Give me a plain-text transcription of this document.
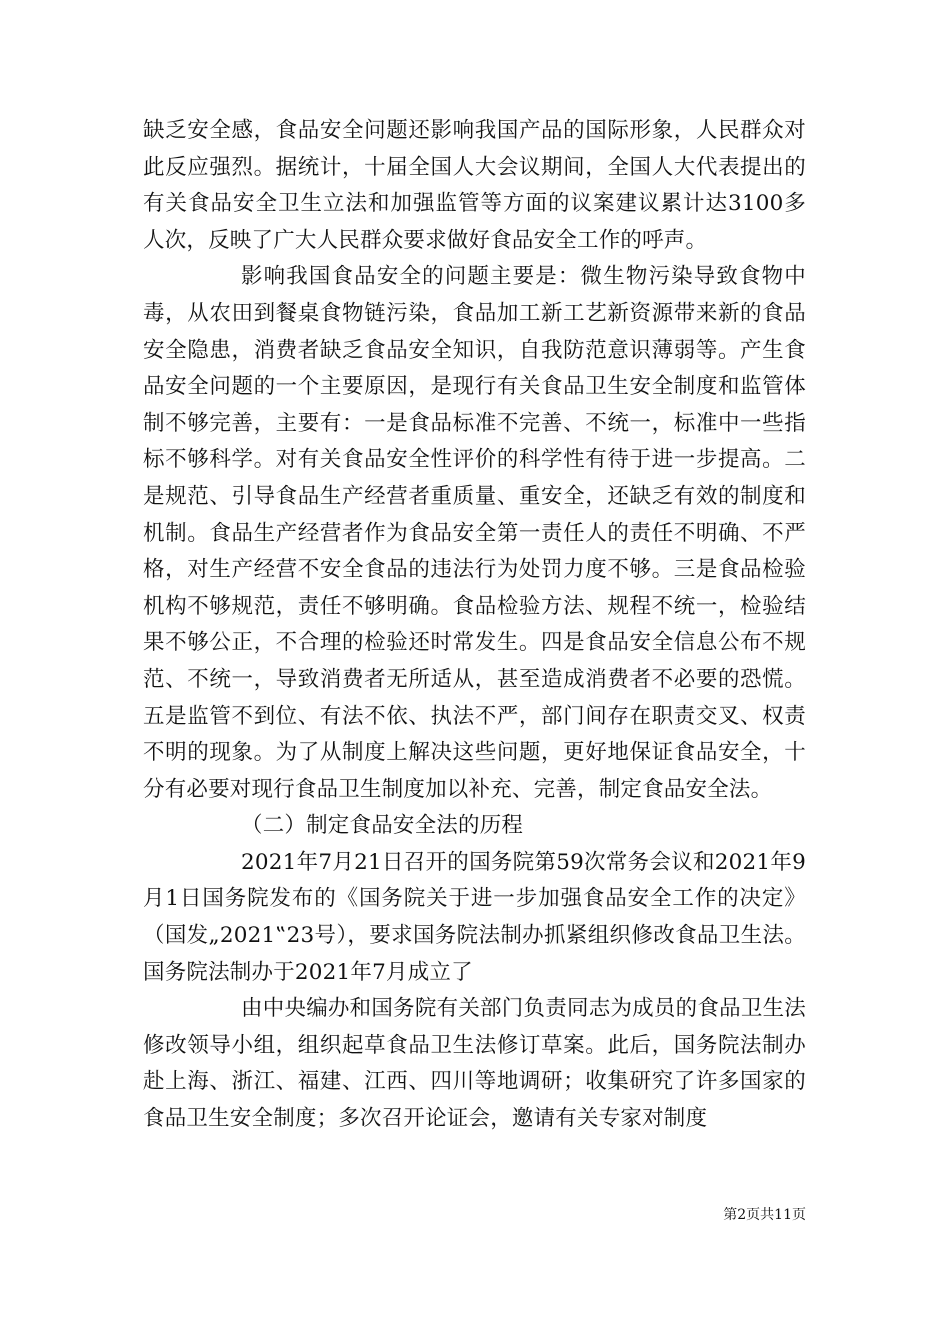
缺乏安全感，食品安全问题还影响我国产品的国际形象，人民群众对此反应强烈。据统计，十届全国人大会议期间，全国人大代表提出的有关食品安全卫生立法和加强监管等方面的议案建议累计达3100多人次，反映了广大人民群众要求做好食品安全工作的呼声。

影响我国食品安全的问题主要是：微生物污染导致食物中毒，从农田到餐桌食物链污染，食品加工新工艺新资源带来新的食品安全隐患，消费者缺乏食品安全知识，自我防范意识薄弱等。产生食品安全问题的一个主要原因，是现行有关食品卫生安全制度和监管体制不够完善，主要有：一是食品标准不完善、不统一，标准中一些指标不够科学。对有关食品安全性评价的科学性有待于进一步提高。二是规范、引导食品生产经营者重质量、重安全，还缺乏有效的制度和机制。食品生产经营者作为食品安全第一责任人的责任不明确、不严格，对生产经营不安全食品的违法行为处罚力度不够。三是食品检验机构不够规范，责任不够明确。食品检验方法、规程不统一，检验结果不够公正，不合理的检验还时常发生。四是食品安全信息公布不规范、不统一，导致消费者无所适从，甚至造成消费者不必要的恐慌。五是监管不到位、有法不依、执法不严，部门间存在职责交叉、权责不明的现象。为了从制度上解决这些问题，更好地保证食品安全，十分有必要对现行食品卫生制度加以补充、完善，制定食品安全法。

（二）制定食品安全法的历程

2021年7月21日召开的国务院第59次常务会议和2021年9月1日国务院发布的《国务院关于进一步加强食品安全工作的决定》（国发„2021‟23号），要求国务院法制办抓紧组织修改食品卫生法。国务院法制办于2021年7月成立了

由中央编办和国务院有关部门负责同志为成员的食品卫生法修改领导小组，组织起草食品卫生法修订草案。此后，国务院法制办赴上海、浙江、福建、江西、四川等地调研；收集研究了许多国家的食品卫生安全制度；多次召开论证会，邀请有关专家对制度

第2页共11页
